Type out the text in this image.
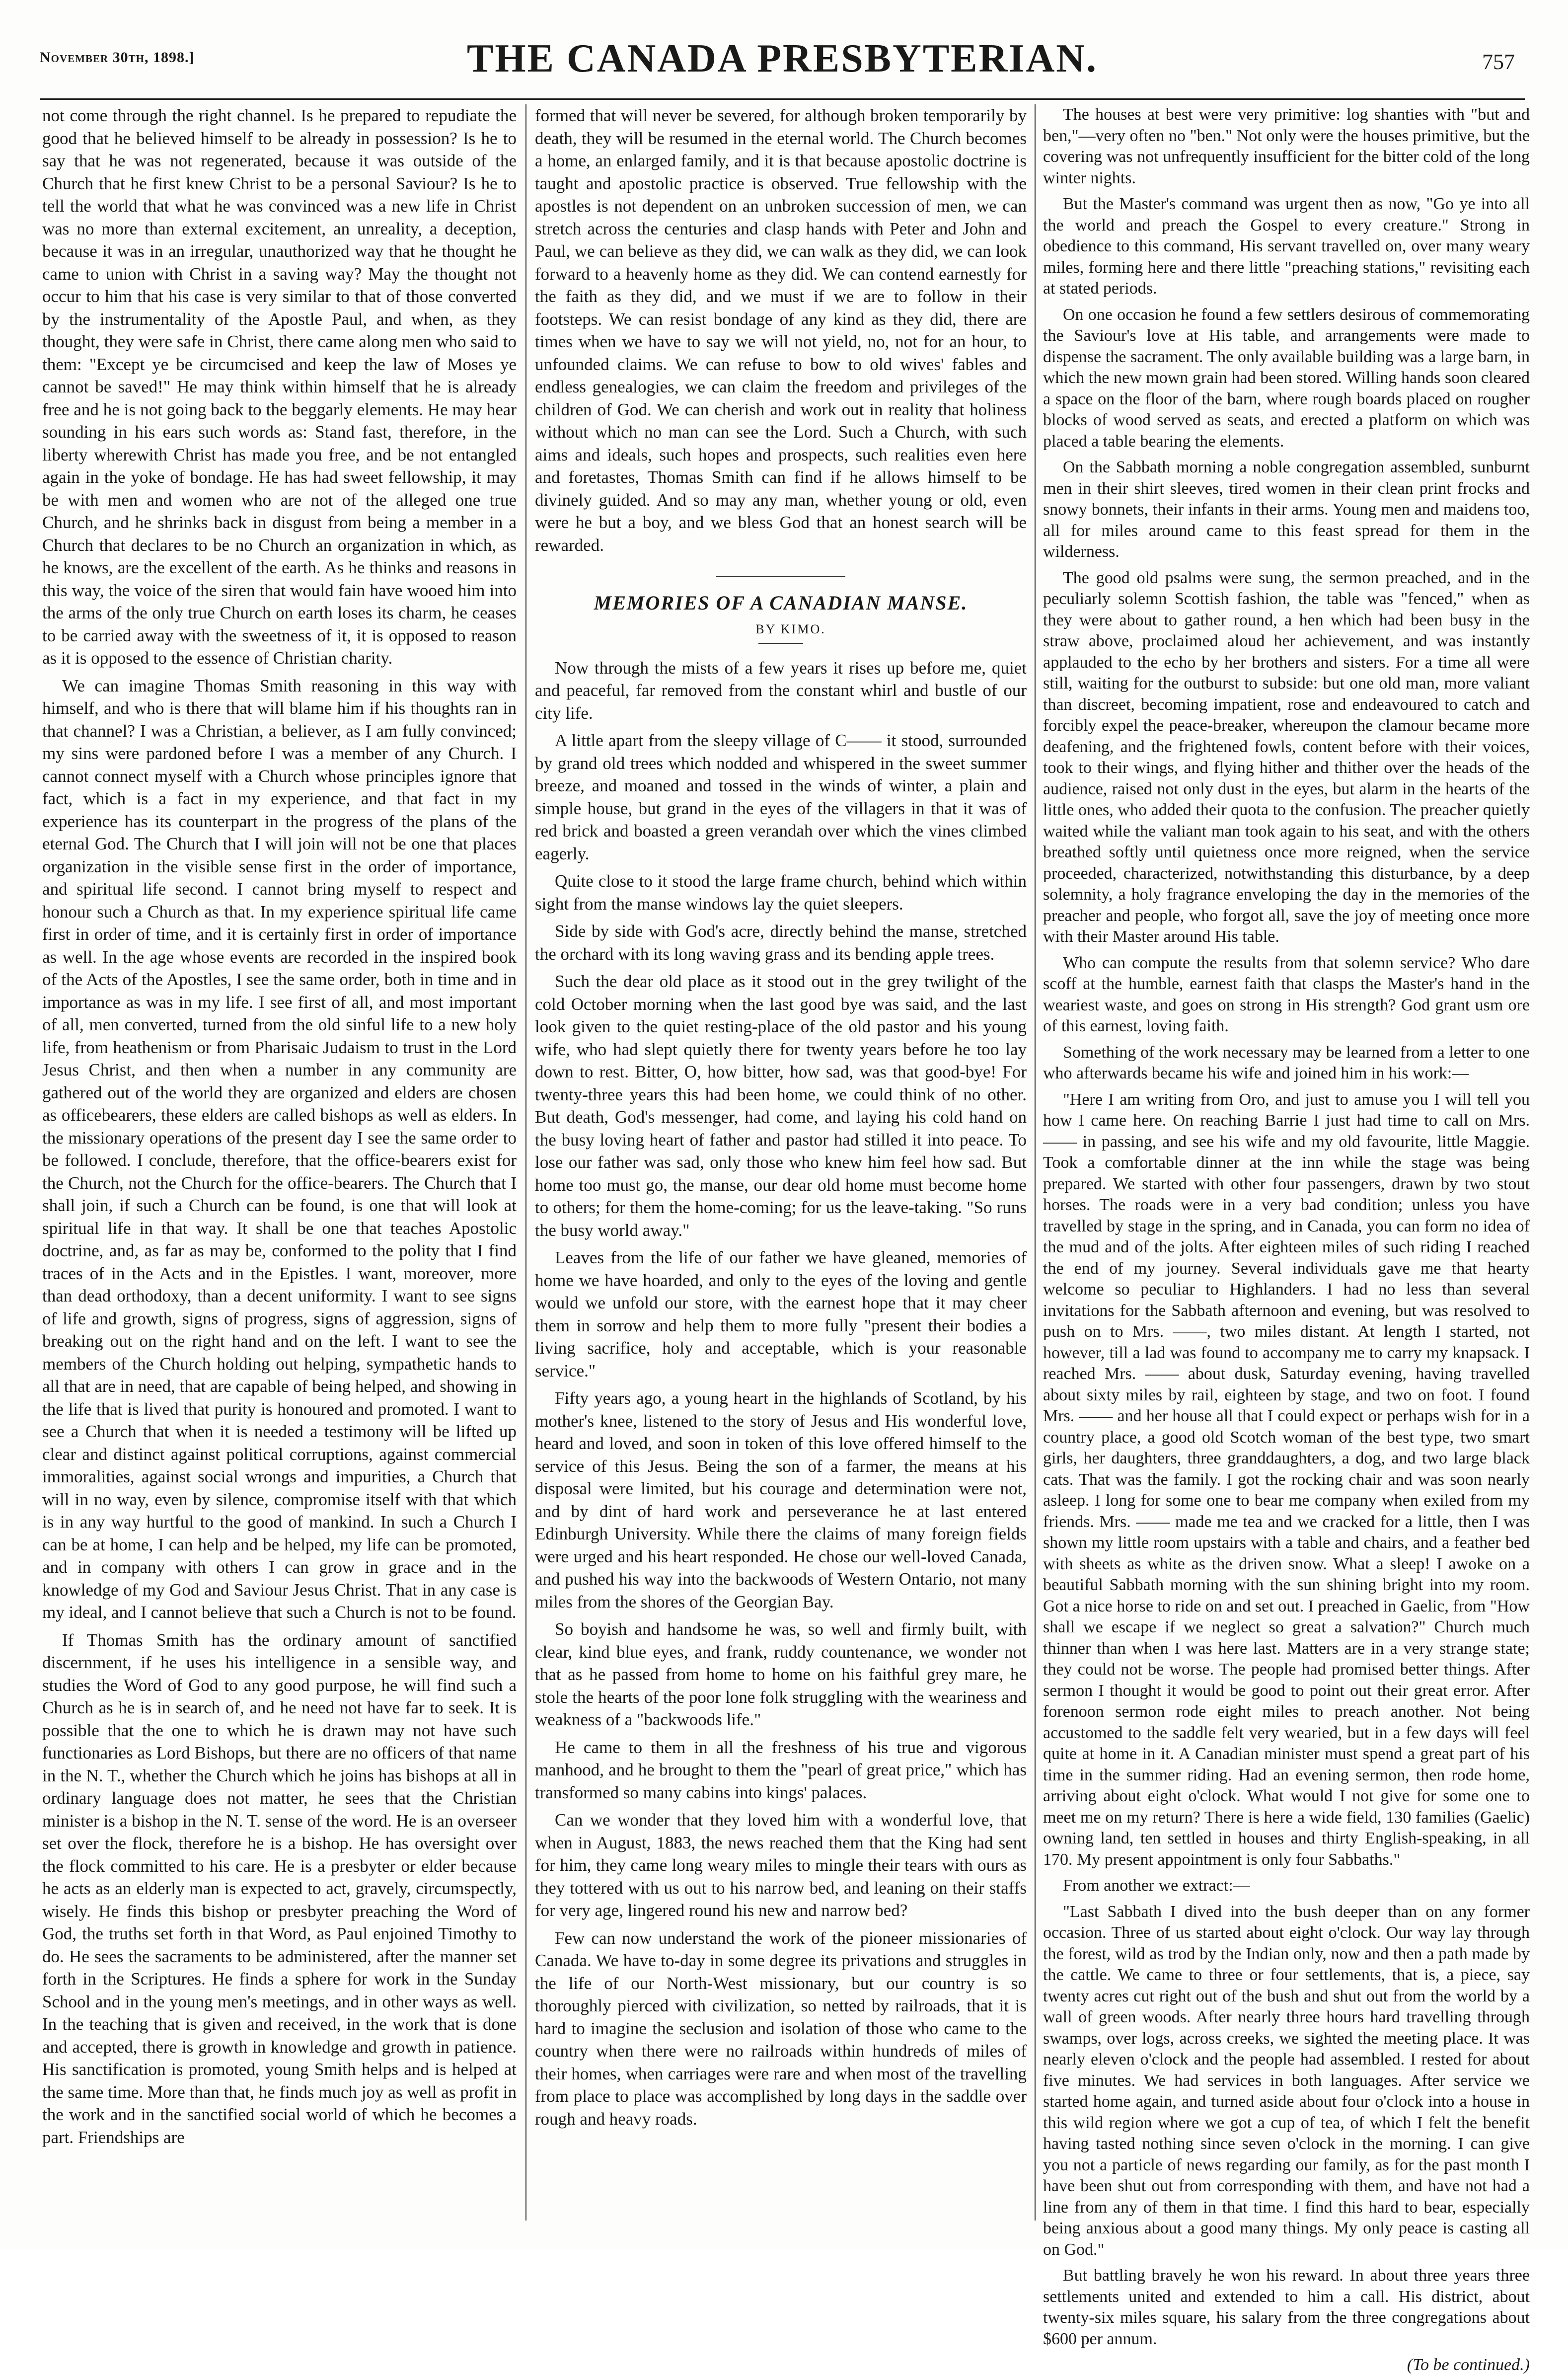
November 30th, 1898.]	THE CANADA PRESBYTERIAN.	757

not come through the right channel. Is he prepared to repudiate the good that he believed himself to be already in possession? Is he to say that he was not regenerated, because it was outside of the Church that he first knew Christ to be a personal Saviour? Is he to tell the world that what he was convinced was a new life in Christ was no more than external excitement, an unreality, a deception, because it was in an irregular, unauthorized way that he thought he came to union with Christ in a saving way? May the thought not occur to him that his case is very similar to that of those converted by the instrumentality of the Apostle Paul, and when, as they thought, they were safe in Christ, there came along men who said to them: "Except ye be circumcised and keep the law of Moses ye cannot be saved!" He may think within himself that he is already free and he is not going back to the beggarly elements. He may hear sounding in his ears such words as: Stand fast, therefore, in the liberty wherewith Christ has made you free, and be not entangled again in the yoke of bondage. He has had sweet fellowship, it may be with men and women who are not of the alleged one true Church, and he shrinks back in disgust from being a member in a Church that declares to be no Church an organization in which, as he knows, are the excellent of the earth. As he thinks and reasons in this way, the voice of the siren that would fain have wooed him into the arms of the only true Church on earth loses its charm, he ceases to be carried away with the sweetness of it, it is opposed to reason as it is opposed to the essence of Christian charity.

We can imagine Thomas Smith reasoning in this way with himself, and who is there that will blame him if his thoughts ran in that channel? I was a Christian, a believer, as I am fully convinced; my sins were pardoned before I was a member of any Church. I cannot connect myself with a Church whose principles ignore that fact, which is a fact in my experience, and that fact in my experience has its counterpart in the progress of the plans of the eternal God. The Church that I will join will not be one that places organization in the visible sense first in the order of importance, and spiritual life second. I cannot bring myself to respect and honour such a Church as that. In my experience spiritual life came first in order of time, and it is certainly first in order of importance as well. In the age whose events are recorded in the inspired book of the Acts of the Apostles, I see the same order, both in time and in importance as was in my life. I see first of all, and most important of all, men converted, turned from the old sinful life to a new holy life, from heathenism or from Pharisaic Judaism to trust in the Lord Jesus Christ, and then when a number in any community are gathered out of the world they are organized and elders are chosen as officebearers, these elders are called bishops as well as elders. In the missionary operations of the present day I see the same order to be followed. I conclude, therefore, that the office-bearers exist for the Church, not the Church for the office-bearers. The Church that I shall join, if such a Church can be found, is one that will look at spiritual life in that way. It shall be one that teaches Apostolic doctrine, and, as far as may be, conformed to the polity that I find traces of in the Acts and in the Epistles. I want, moreover, more than dead orthodoxy, than a decent uniformity. I want to see signs of life and growth, signs of progress, signs of aggression, signs of breaking out on the right hand and on the left. I want to see the members of the Church holding out helping, sympathetic hands to all that are in need, that are capable of being helped, and showing in the life that is lived that purity is honoured and promoted. I want to see a Church that when it is needed a testimony will be lifted up clear and distinct against political corruptions, against commercial immoralities, against social wrongs and impurities, a Church that will in no way, even by silence, compromise itself with that which is in any way hurtful to the good of mankind. In such a Church I can be at home, I can help and be helped, my life can be promoted, and in company with others I can grow in grace and in the knowledge of my God and Saviour Jesus Christ. That in any case is my ideal, and I cannot believe that such a Church is not to be found.

If Thomas Smith has the ordinary amount of sanctified discernment, if he uses his intelligence in a sensible way, and studies the Word of God to any good purpose, he will find such a Church as he is in search of, and he need not have far to seek. It is possible that the one to which he is drawn may not have such functionaries as Lord Bishops, but there are no officers of that name in the N. T., whether the Church which he joins has bishops at all in ordinary language does not matter, he sees that the Christian minister is a bishop in the N. T. sense of the word. He is an overseer set over the flock, therefore he is a bishop. He has oversight over the flock committed to his care. He is a presbyter or elder because he acts as an elderly man is expected to act, gravely, circumspectly, wisely. He finds this bishop or presbyter preaching the Word of God, the truths set forth in that Word, as Paul enjoined Timothy to do. He sees the sacraments to be administered, after the manner set forth in the Scriptures. He finds a sphere for work in the Sunday School and in the young men's meetings, and in other ways as well. In the teaching that is given and received, in the work that is done and accepted, there is growth in knowledge and growth in patience. His sanctification is promoted, young Smith helps and is helped at the same time. More than that, he finds much joy as well as profit in the work and in the sanctified social world of which he becomes a part. Friendships are

formed that will never be severed, for although broken temporarily by death, they will be resumed in the eternal world. The Church becomes a home, an enlarged family, and it is that because apostolic doctrine is taught and apostolic practice is observed. True fellowship with the apostles is not dependent on an unbroken succession of men, we can stretch across the centuries and clasp hands with Peter and John and Paul, we can believe as they did, we can walk as they did, we can look forward to a heavenly home as they did. We can contend earnestly for the faith as they did, and we must if we are to follow in their footsteps. We can resist bondage of any kind as they did, there are times when we have to say we will not yield, no, not for an hour, to unfounded claims. We can refuse to bow to old wives' fables and endless genealogies, we can claim the freedom and privileges of the children of God. We can cherish and work out in reality that holiness without which no man can see the Lord. Such a Church, with such aims and ideals, such hopes and prospects, such realities even here and foretastes, Thomas Smith can find if he allows himself to be divinely guided. And so may any man, whether young or old, even were he but a boy, and we bless God that an honest search will be rewarded.

MEMORIES OF A CANADIAN MANSE.

BY KIMO.

Now through the mists of a few years it rises up before me, quiet and peaceful, far removed from the constant whirl and bustle of our city life.

A little apart from the sleepy village of C—— it stood, surrounded by grand old trees which nodded and whispered in the sweet summer breeze, and moaned and tossed in the winds of winter, a plain and simple house, but grand in the eyes of the villagers in that it was of red brick and boasted a green verandah over which the vines climbed eagerly.

Quite close to it stood the large frame church, behind which within sight from the manse windows lay the quiet sleepers.

Side by side with God's acre, directly behind the manse, stretched the orchard with its long waving grass and its bending apple trees.

Such the dear old place as it stood out in the grey twilight of the cold October morning when the last good bye was said, and the last look given to the quiet resting-place of the old pastor and his young wife, who had slept quietly there for twenty years before he too lay down to rest. Bitter, O, how bitter, how sad, was that good-bye! For twenty-three years this had been home, we could think of no other. But death, God's messenger, had come, and laying his cold hand on the busy loving heart of father and pastor had stilled it into peace. To lose our father was sad, only those who knew him feel how sad. But home too must go, the manse, our dear old home must become home to others; for them the home-coming; for us the leave-taking. "So runs the busy world away."

Leaves from the life of our father we have gleaned, memories of home we have hoarded, and only to the eyes of the loving and gentle would we unfold our store, with the earnest hope that it may cheer them in sorrow and help them to more fully "present their bodies a living sacrifice, holy and acceptable, which is your reasonable service."

Fifty years ago, a young heart in the highlands of Scotland, by his mother's knee, listened to the story of Jesus and His wonderful love, heard and loved, and soon in token of this love offered himself to the service of this Jesus. Being the son of a farmer, the means at his disposal were limited, but his courage and determination were not, and by dint of hard work and perseverance he at last entered Edinburgh University. While there the claims of many foreign fields were urged and his heart responded. He chose our well-loved Canada, and pushed his way into the backwoods of Western Ontario, not many miles from the shores of the Georgian Bay.

So boyish and handsome he was, so well and firmly built, with clear, kind blue eyes, and frank, ruddy countenance, we wonder not that as he passed from home to home on his faithful grey mare, he stole the hearts of the poor lone folk struggling with the weariness and weakness of a "backwoods life."

He came to them in all the freshness of his true and vigorous manhood, and he brought to them the "pearl of great price," which has transformed so many cabins into kings' palaces.

Can we wonder that they loved him with a wonderful love, that when in August, 1883, the news reached them that the King had sent for him, they came long weary miles to mingle their tears with ours as they tottered with us out to his narrow bed, and leaning on their staffs for very age, lingered round his new and narrow bed?

Few can now understand the work of the pioneer missionaries of Canada. We have to-day in some degree its privations and struggles in the life of our North-West missionary, but our country is so thoroughly pierced with civilization, so netted by railroads, that it is hard to imagine the seclusion and isolation of those who came to the country when there were no railroads within hundreds of miles of their homes, when carriages were rare and when most of the travelling from place to place was accomplished by long days in the saddle over rough and heavy roads.

The houses at best were very primitive: log shanties with "but and ben,"—very often no "ben." Not only were the houses primitive, but the covering was not unfrequently insufficient for the bitter cold of the long winter nights.

But the Master's command was urgent then as now, "Go ye into all the world and preach the Gospel to every creature." Strong in obedience to this command, His servant travelled on, over many weary miles, forming here and there little "preaching stations," revisiting each at stated periods.

On one occasion he found a few settlers desirous of commemorating the Saviour's love at His table, and arrangements were made to dispense the sacrament. The only available building was a large barn, in which the new mown grain had been stored. Willing hands soon cleared a space on the floor of the barn, where rough boards placed on rougher blocks of wood served as seats, and erected a platform on which was placed a table bearing the elements.

On the Sabbath morning a noble congregation assembled, sunburnt men in their shirt sleeves, tired women in their clean print frocks and snowy bonnets, their infants in their arms. Young men and maidens too, all for miles around came to this feast spread for them in the wilderness.

The good old psalms were sung, the sermon preached, and in the peculiarly solemn Scottish fashion, the table was "fenced," when as they were about to gather round, a hen which had been busy in the straw above, proclaimed aloud her achievement, and was instantly applauded to the echo by her brothers and sisters. For a time all were still, waiting for the outburst to subside: but one old man, more valiant than discreet, becoming impatient, rose and endeavoured to catch and forcibly expel the peace-breaker, whereupon the clamour became more deafening, and the frightened fowls, content before with their voices, took to their wings, and flying hither and thither over the heads of the audience, raised not only dust in the eyes, but alarm in the hearts of the little ones, who added their quota to the confusion. The preacher quietly waited while the valiant man took again to his seat, and with the others breathed softly until quietness once more reigned, when the service proceeded, characterized, notwithstanding this disturbance, by a deep solemnity, a holy fragrance enveloping the day in the memories of the preacher and people, who forgot all, save the joy of meeting once more with their Master around His table.

Who can compute the results from that solemn service? Who dare scoff at the humble, earnest faith that clasps the Master's hand in the weariest waste, and goes on strong in His strength? God grant usm ore of this earnest, loving faith.

Something of the work necessary may be learned from a letter to one who afterwards became his wife and joined him in his work:—

"Here I am writing from Oro, and just to amuse you I will tell you how I came here. On reaching Barrie I just had time to call on Mrs. —— in passing, and see his wife and my old favourite, little Maggie. Took a comfortable dinner at the inn while the stage was being prepared. We started with other four passengers, drawn by two stout horses. The roads were in a very bad condition; unless you have travelled by stage in the spring, and in Canada, you can form no idea of the mud and of the jolts. After eighteen miles of such riding I reached the end of my journey. Several individuals gave me that hearty welcome so peculiar to Highlanders. I had no less than several invitations for the Sabbath afternoon and evening, but was resolved to push on to Mrs. ——, two miles distant. At length I started, not however, till a lad was found to accompany me to carry my knapsack. I reached Mrs. —— about dusk, Saturday evening, having travelled about sixty miles by rail, eighteen by stage, and two on foot. I found Mrs. —— and her house all that I could expect or perhaps wish for in a country place, a good old Scotch woman of the best type, two smart girls, her daughters, three granddaughters, a dog, and two large black cats. That was the family. I got the rocking chair and was soon nearly asleep. I long for some one to bear me company when exiled from my friends. Mrs. —— made me tea and we cracked for a little, then I was shown my little room upstairs with a table and chairs, and a feather bed with sheets as white as the driven snow. What a sleep! I awoke on a beautiful Sabbath morning with the sun shining bright into my room. Got a nice horse to ride on and set out. I preached in Gaelic, from "How shall we escape if we neglect so great a salvation?" Church much thinner than when I was here last. Matters are in a very strange state; they could not be worse. The people had promised better things. After sermon I thought it would be good to point out their great error. After forenoon sermon rode eight miles to preach another. Not being accustomed to the saddle felt very wearied, but in a few days will feel quite at home in it. A Canadian minister must spend a great part of his time in the summer riding. Had an evening sermon, then rode home, arriving about eight o'clock. What would I not give for some one to meet me on my return? There is here a wide field, 130 families (Gaelic) owning land, ten settled in houses and thirty English-speaking, in all 170. My present appointment is only four Sabbaths."

From another we extract:—

"Last Sabbath I dived into the bush deeper than on any former occasion. Three of us started about eight o'clock. Our way lay through the forest, wild as trod by the Indian only, now and then a path made by the cattle. We came to three or four settlements, that is, a piece, say twenty acres cut right out of the bush and shut out from the world by a wall of green woods. After nearly three hours hard travelling through swamps, over logs, across creeks, we sighted the meeting place. It was nearly eleven o'clock and the people had assembled. I rested for about five minutes. We had services in both languages. After service we started home again, and turned aside about four o'clock into a house in this wild region where we got a cup of tea, of which I felt the benefit having tasted nothing since seven o'clock in the morning. I can give you not a particle of news regarding our family, as for the past month I have been shut out from corresponding with them, and have not had a line from any of them in that time. I find this hard to bear, especially being anxious about a good many things. My only peace is casting all on God."

But battling bravely he won his reward. In about three years three settlements united and extended to him a call. His district, about twenty-six miles square, his salary from the three congregations about $600 per annum.

(To be continued.)
